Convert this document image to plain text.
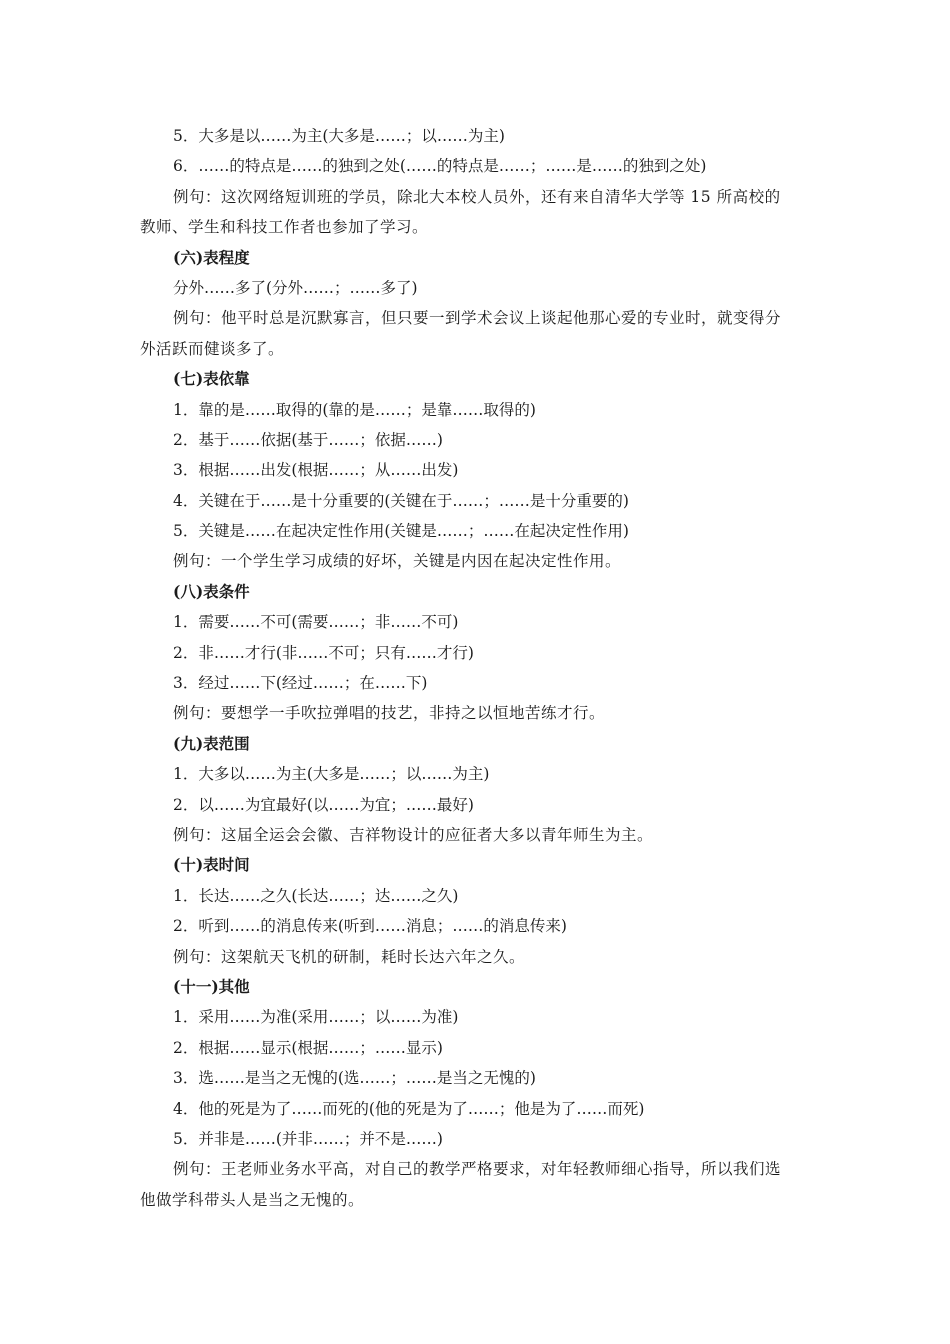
5．大多是以……为主(大多是……；以……为主)
6．……的特点是……的独到之处(……的特点是……；……是……的独到之处)
例句：这次网络短训班的学员，除北大本校人员外，还有来自清华大学等 15 所高校的
教师、学生和科技工作者也参加了学习。
(六)表程度
分外……多了(分外……；……多了)
例句：他平时总是沉默寡言，但只要一到学术会议上谈起他那心爱的专业时，就变得分
外活跃而健谈多了。
(七)表依靠
1．靠的是……取得的(靠的是……；是靠……取得的)
2．基于……依据(基于……；依据……)
3．根据……出发(根据……；从……出发)
4．关键在于……是十分重要的(关键在于……；……是十分重要的)
5．关键是……在起决定性作用(关键是……；……在起决定性作用)
例句：一个学生学习成绩的好坏，关键是内因在起决定性作用。
(八)表条件
1．需要……不可(需要……；非……不可)
2．非……才行(非……不可；只有……才行)
3．经过……下(经过……；在……下)
例句：要想学一手吹拉弹唱的技艺，非持之以恒地苦练才行。
(九)表范围
1．大多以……为主(大多是……；以……为主)
2．以……为宜最好(以……为宜；……最好)
例句：这届全运会会徽、吉祥物设计的应征者大多以青年师生为主。
(十)表时间
1．长达……之久(长达……；达……之久)
2．听到……的消息传来(听到……消息；……的消息传来)
例句：这架航天飞机的研制，耗时长达六年之久。
(十一)其他
1．采用……为准(采用……；以……为准)
2．根据……显示(根据……；……显示)
3．选……是当之无愧的(选……；……是当之无愧的)
4．他的死是为了……而死的(他的死是为了……；他是为了……而死)
5．并非是……(并非……；并不是……)
例句：王老师业务水平高，对自己的教学严格要求，对年轻教师细心指导，所以我们选
他做学科带头人是当之无愧的。
